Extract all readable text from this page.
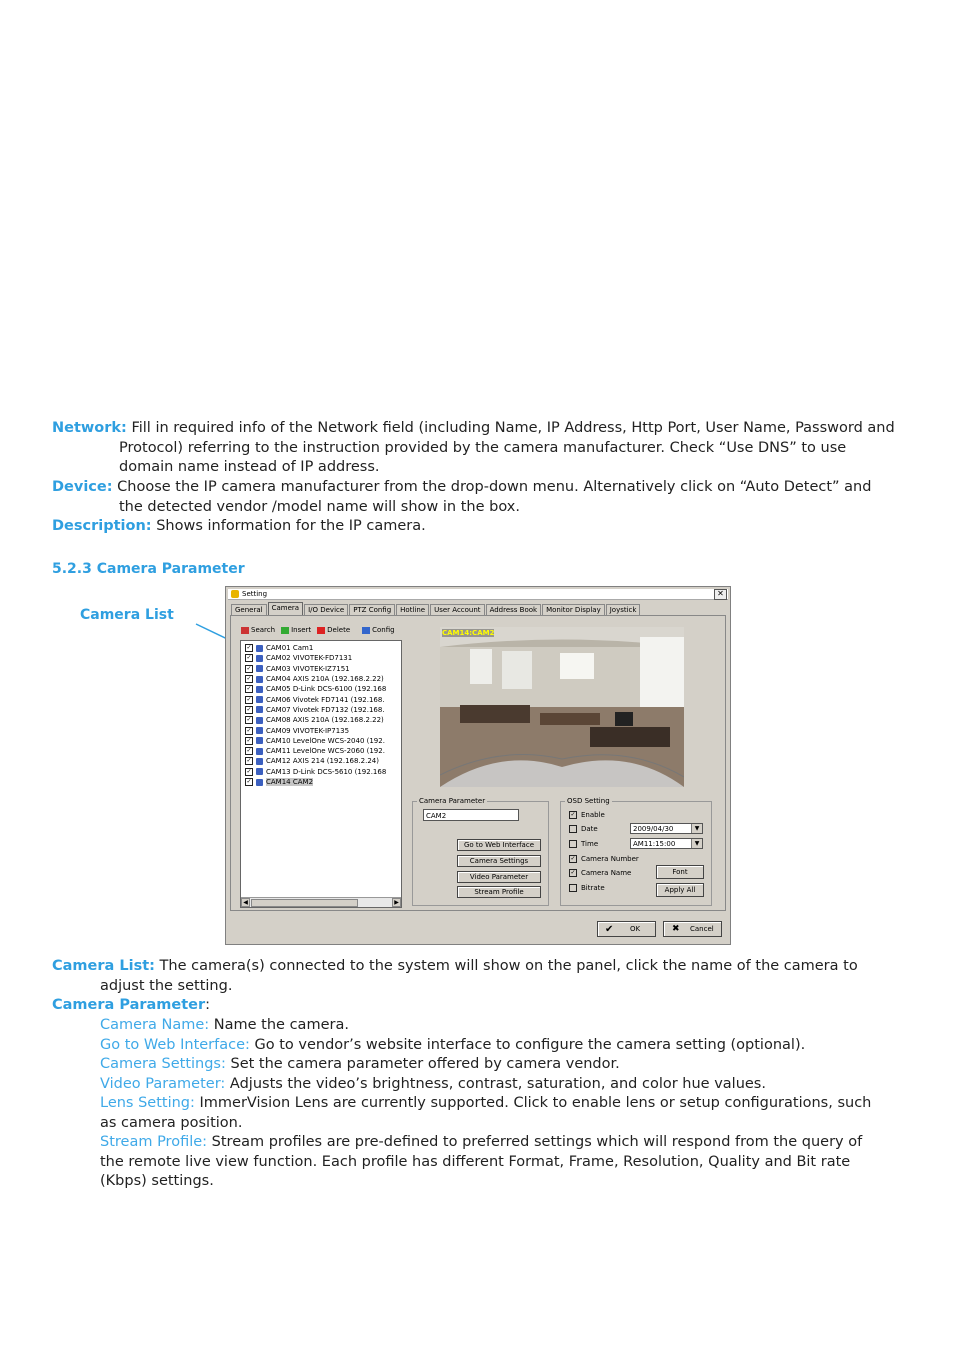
Network: Fill in required info of the Network field (including Name, IP Address, Http Port, User Name, Password and Protocol) referring to the instruction provided by the camera manufacturer. Check “Use DNS” to use domain name instead of IP address.
Device: Choose the IP camera manufacturer from the drop-down menu. Alternatively click on “Auto Detect” and the detected vendor /model name will show in the box.
Description: Shows information for the IP camera.
5.2.3 Camera Parameter
Camera List
Setting	✕
General	Camera	I/O Device	PTZ Config	Hotline	User Account	Address Book	Monitor Display	Joystick
Search Insert Delete	Config
✓ CAM01 Cam1
✓ CAM02 VIVOTEK-FD7131
✓ CAM03 VIVOTEK-IZ7151
✓ CAM04 AXIS 210A (192.168.2.22)
✓ CAM05 D-Link DCS-6100 (192.168
✓ CAM06 Vivotek FD7141 (192.168.
✓ CAM07 Vivotek FD7132 (192.168.
✓ CAM08 AXIS 210A (192.168.2.22)
✓ CAM09 VIVOTEK-IP7135
✓ CAM10 LevelOne WCS-2040 (192.
✓ CAM11 LevelOne WCS-2060 (192.
✓ CAM12 AXIS 214 (192.168.2.24)
✓ CAM13 D-Link DCS-5610 (192.168
✓ CAM14 CAM2
◀	▶
CAM14:CAM2
Camera Parameter
CAM2
Go to Web Interface
Camera Settings
Video Parameter
Stream Profile
OSD Setting
✓ Enable
Date	2009/04/30	▼
Time	AM11:15:00	▼
✓ Camera Number
✓ Camera Name
Bitrate
Font
Apply All
✔ OK	✖ Cancel
Camera List: The camera(s) connected to the system will show on the panel, click the name of the camera to adjust the setting.
Camera Parameter:
Camera Name: Name the camera.
Go to Web Interface: Go to vendor’s website interface to configure the camera setting (optional).
Camera Settings: Set the camera parameter offered by camera vendor.
Video Parameter: Adjusts the video’s brightness, contrast, saturation, and color hue values.
Lens Setting: ImmerVision Lens are currently supported. Click to enable lens or setup configurations, such as camera position.
Stream Profile: Stream profiles are pre-defined to preferred settings which will respond from the query of the remote live view function. Each profile has different Format, Frame, Resolution, Quality and Bit rate (Kbps) settings.
